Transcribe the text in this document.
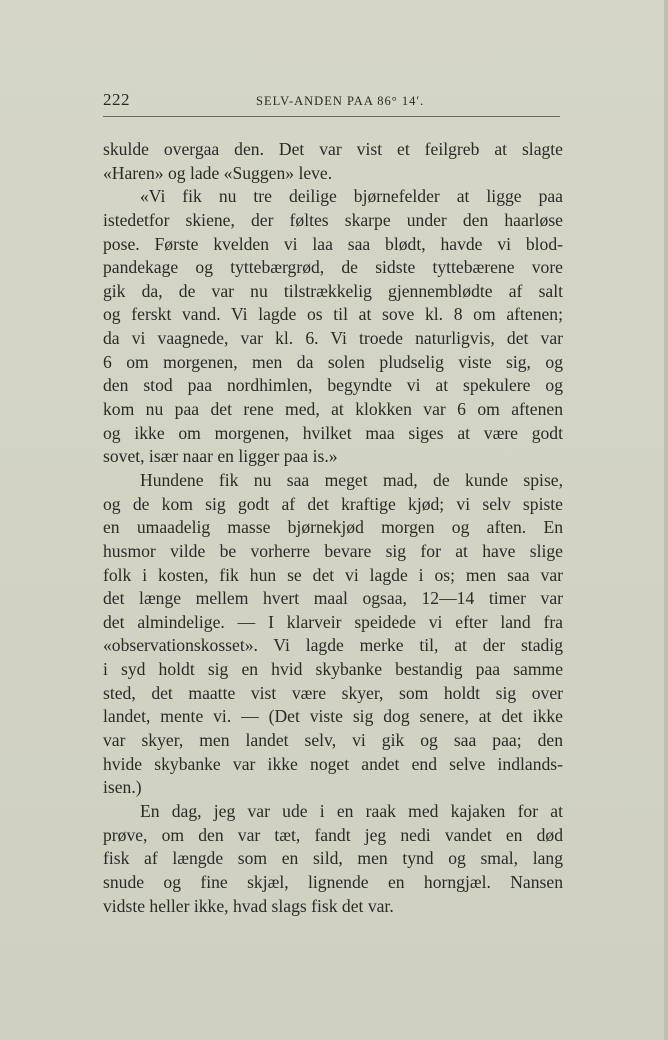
222	SELV-ANDEN PAA 86° 14′.
skulde overgaa den. Det var vist et feilgreb at slagte
«Haren» og lade «Suggen» leve.
«Vi fik nu tre deilige bjørnefelder at ligge paa
istedetfor skiene, der føltes skarpe under den haarløse
pose. Første kvelden vi laa saa blødt, havde vi blod-
pandekage og tyttebærgrød, de sidste tyttebærene vore
gik da, de var nu tilstrækkelig gjennemblødte af salt
og ferskt vand. Vi lagde os til at sove kl. 8 om aftenen;
da vi vaagnede, var kl. 6. Vi troede naturligvis, det var
6 om morgenen, men da solen pludselig viste sig, og
den stod paa nordhimlen, begyndte vi at spekulere og
kom nu paa det rene med, at klokken var 6 om aftenen
og ikke om morgenen, hvilket maa siges at være godt
sovet, især naar en ligger paa is.»
Hundene fik nu saa meget mad, de kunde spise,
og de kom sig godt af det kraftige kjød; vi selv spiste
en umaadelig masse bjørnekjød morgen og aften. En
husmor vilde be vorherre bevare sig for at have slige
folk i kosten, fik hun se det vi lagde i os; men saa var
det længe mellem hvert maal ogsaa, 12—14 timer var
det almindelige. — I klarveir speidede vi efter land fra
«observationskosset». Vi lagde merke til, at der stadig
i syd holdt sig en hvid skybanke bestandig paa samme
sted, det maatte vist være skyer, som holdt sig over
landet, mente vi. — (Det viste sig dog senere, at det ikke
var skyer, men landet selv, vi gik og saa paa; den
hvide skybanke var ikke noget andet end selve indlands-
isen.)
En dag, jeg var ude i en raak med kajaken for at
prøve, om den var tæt, fandt jeg nedi vandet en død
fisk af længde som en sild, men tynd og smal, lang
snude og fine skjæl, lignende en horngjæl. Nansen
vidste heller ikke, hvad slags fisk det var.
